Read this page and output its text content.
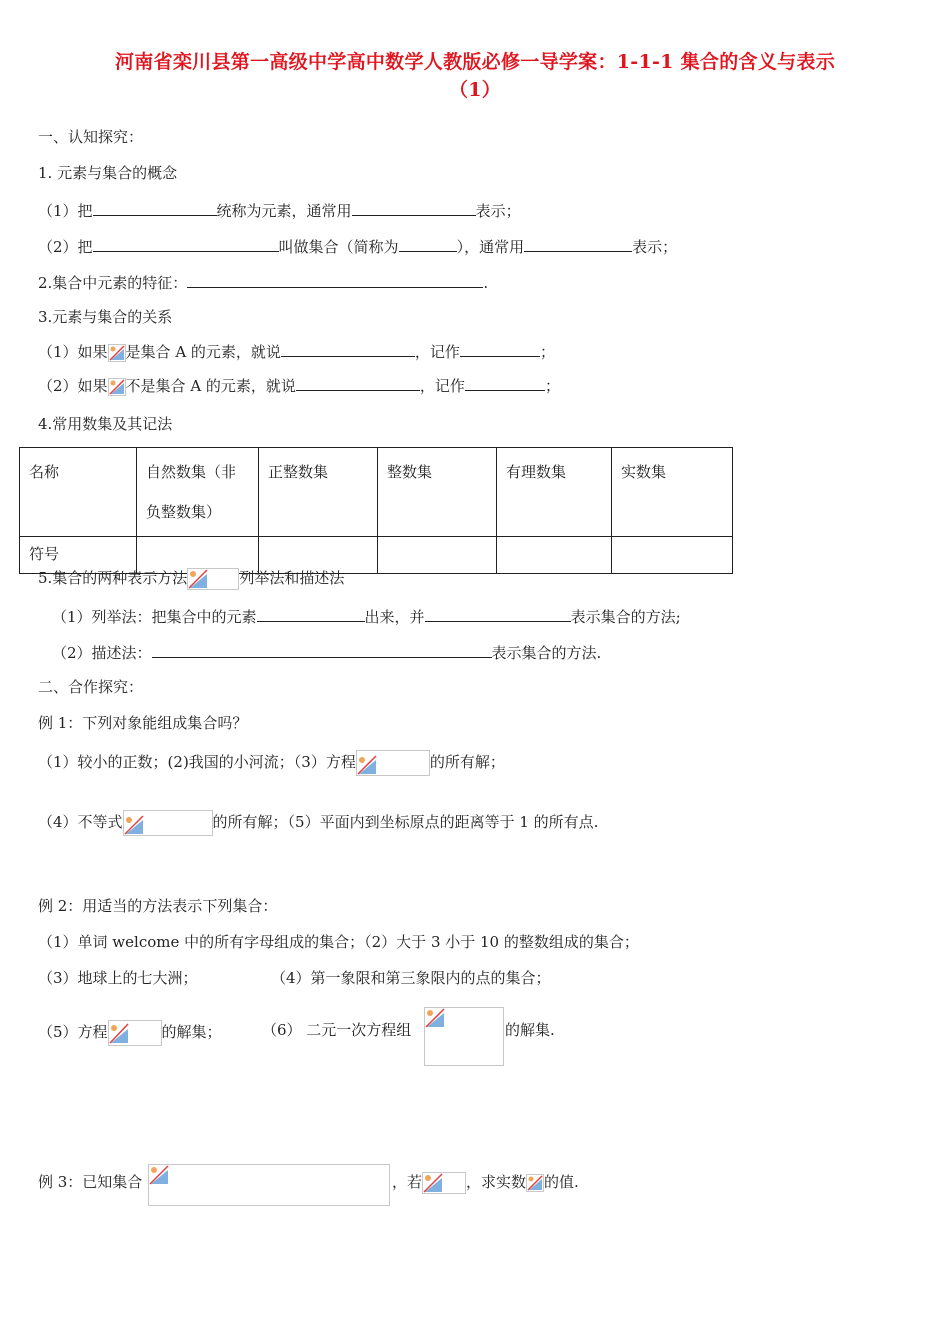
河南省栾川县第一高级中学高中数学人教版必修一导学案：1-1-1 集合的含义与表示
（1）
一、认知探究：
1. 元素与集合的概念
（1）把	统称为元素，通常用	表示；
（2）把	叫做集合（简称为	），通常用	表示；
2.集合中元素的特征：	.
3.元素与集合的关系
（1）如果 是集合 A 的元素，就说	，记作	；
（2）如果 不是集合 A 的元素，就说	，记作	；
4.常用数集及其记法
名称	自然数集（非负整数集）	正整数集	整数集	有理数集	实数集
符号					
5.集合的两种表示方法	列举法和描述法
（1）列举法：把集合中的元素	出来，并	表示集合的方法;
（2）描述法：	表示集合的方法.
二、合作探究：
例 1：下列对象能组成集合吗？
（1）较小的正数；(2)我国的小河流；（3）方程	的所有解；
（4）不等式	的所有解；（5）平面内到坐标原点的距离等于 1 的所有点.
例 2：用适当的方法表示下列集合：
（1）单词 welcome 中的所有字母组成的集合；（2）大于 3 小于 10 的整数组成的集合；
（3）地球上的七大洲；	（4）第一象限和第三象限内的点的集合；
（5）方程	的解集；	（6） 二元一次方程组	的解集.
例 3：已知集合	，若	，求实数 的值.
